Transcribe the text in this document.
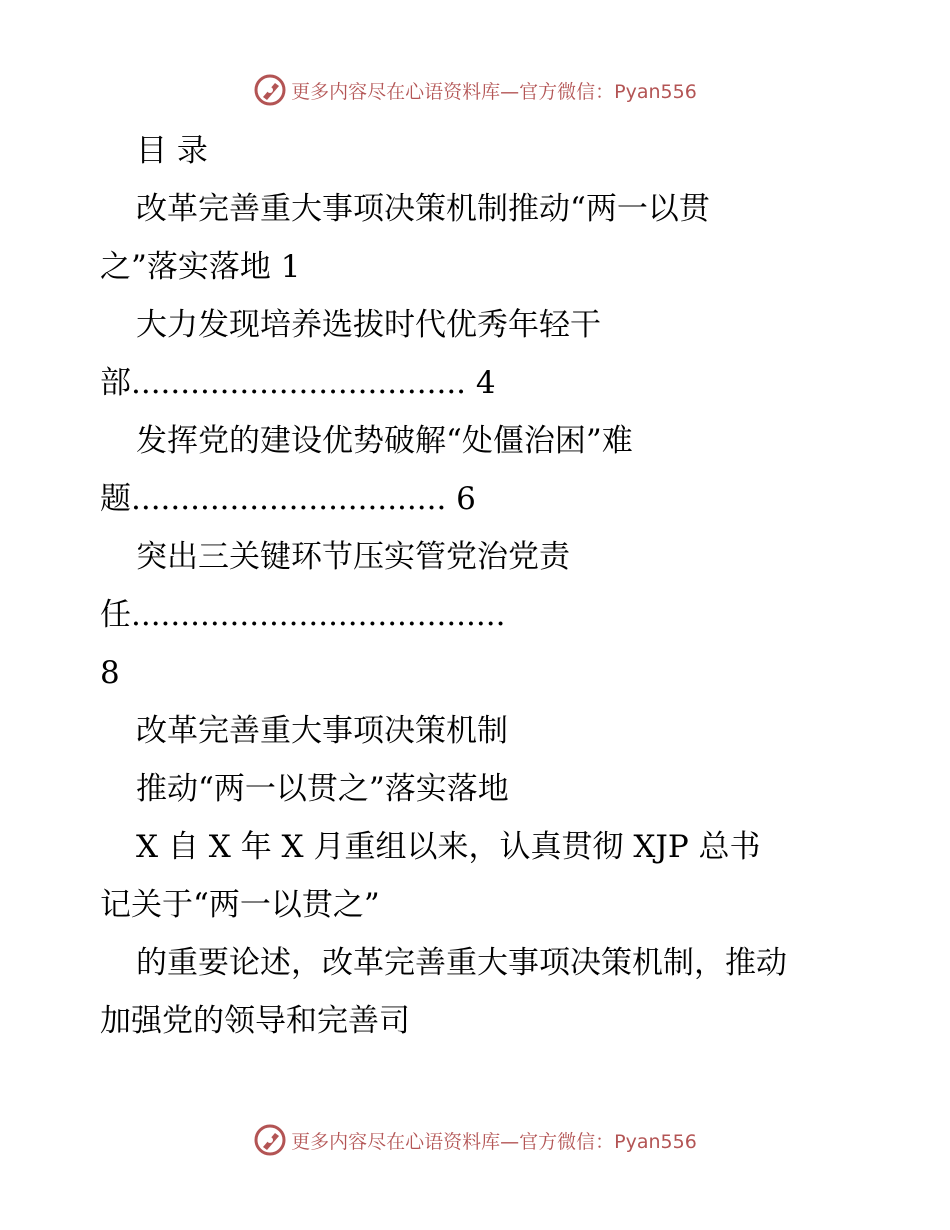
更多内容尽在心语资料库—官方微信：Pyan556
目 录
改革完善重大事项决策机制推动“两一以贯
之”落实落地 1
大力发现培养选拔时代优秀年轻干
部.................................. 4
发挥党的建设优势破解“处僵治困”难
题................................ 6
突出三关键环节压实管党治党责
任......................................
8
改革完善重大事项决策机制
推动“两一以贯之”落实落地
X 自 X 年 X 月重组以来，认真贯彻 XJP 总书
记关于“两一以贯之”
的重要论述，改革完善重大事项决策机制，推动
加强党的领导和完善司
更多内容尽在心语资料库—官方微信：Pyan556
